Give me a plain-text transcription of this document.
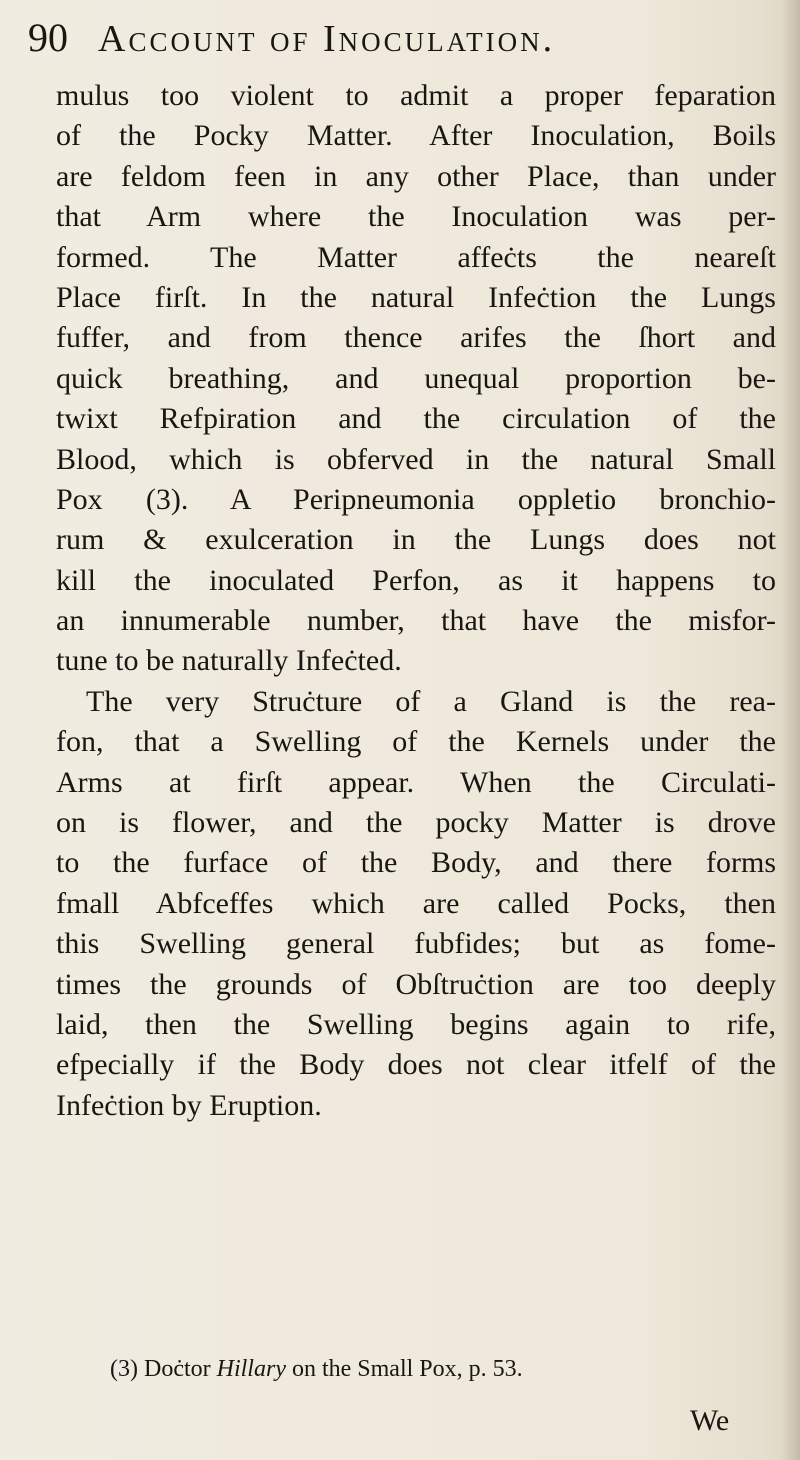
90 Account of Inoculation.
mulus too violent to admit a proper feparation
of the Pocky Matter. After Inoculation, Boils
are feldom feen in any other Place, than under
that Arm where the Inoculation was per-
formed. The Matter affeċts the neareſt
Place firſt. In the natural Infeċtion the Lungs
fuffer, and from thence arifes the ſhort and
quick breathing, and unequal proportion be-
twixt Refpiration and the circulation of the
Blood, which is obferved in the natural Small
Pox (3). A Peripneumonia oppletio bronchio-
rum & exulceration in the Lungs does not
kill the inoculated Perfon, as it happens to
an innumerable number, that have the misfor-
tune to be naturally Infeċted.
The very Struċture of a Gland is the rea-
fon, that a Swelling of the Kernels under the
Arms at firſt appear. When the Circulati-
on is flower, and the pocky Matter is drove
to the furface of the Body, and there forms
fmall Abfceffes which are called Pocks, then
this Swelling general fubfides; but as fome-
times the grounds of Obſtruċtion are too deeply
laid, then the Swelling begins again to rife,
efpecially if the Body does not clear itfelf of the
Infeċtion by Eruption.
(3) Doċtor Hillary on the Small Pox, p. 53.
We
